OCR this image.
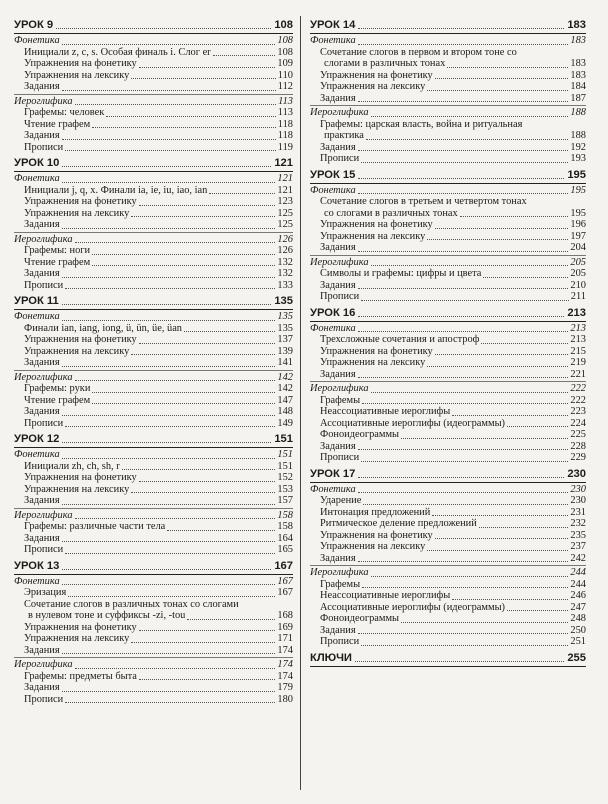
УРОК 9	108
Фонетика	108
Инициали z, c, s. Особая финаль i. Слог er	108
Упражнения на фонетику	109
Упражнения на лексику	110
Задания	112
Иероглифика	113
Графемы: человек	113
Чтение графем	118
Задания	118
Прописи	119
УРОК 10	121
Фонетика	121
Инициали j, q, x. Финали ia, ie, iu, iao, ian	121
Упражнения на фонетику	123
Упражнения на лексику	125
Задания	125
Иероглифика	126
Графемы: ноги	126
Чтение графем	132
Задания	132
Прописи	133
УРОК 11	135
Фонетика	135
Финали ian, iang, iong, ü, ün, üe, üan	135
Упражнения на фонетику	137
Упражнения на лексику	139
Задания	141
Иероглифика	142
Графемы: руки	142
Чтение графем	147
Задания	148
Прописи	149
УРОК 12	151
Фонетика	151
Инициали zh, ch, sh, r	151
Упражнения на фонетику	152
Упражнения на лексику	153
Задания	157
Иероглифика	158
Графемы: различные части тела	158
Задания	164
Прописи	165
УРОК 13	167
Фонетика	167
Эризация	167
Сочетание слогов в различных тонах со слогами
в нулевом тоне и суффиксы -zi, -tou	168
Упражнения на фонетику	169
Упражнения на лексику	171
Задания	174
Иероглифика	174
Графемы: предметы быта	174
Задания	179
Прописи	180
УРОК 14	183
Фонетика	183
Сочетание слогов в первом и втором тоне со
слогами в различных тонах	183
Упражнения на фонетику	183
Упражнения на лексику	184
Задания	187
Иероглифика	188
Графемы: царская власть, война и ритуальная
практика	188
Задания	192
Прописи	193
УРОК 15	195
Фонетика	195
Сочетание слогов в третьем и четвертом тонах
со слогами в различных тонах	195
Упражнения на фонетику	196
Упражнения на лексику	197
Задания	204
Иероглифика	205
Символы и графемы: цифры и цвета	205
Задания	210
Прописи	211
УРОК 16	213
Фонетика	213
Трехсложные сочетания и апостроф	213
Упражнения на фонетику	215
Упражнения на лексику	219
Задания	221
Иероглифика	222
Графемы	222
Неассоциативные иероглифы	223
Ассоциативные иероглифы (идеограммы)	224
Фоноидеограммы	225
Задания	228
Прописи	229
УРОК 17	230
Фонетика	230
Ударение	230
Интонация предложений	231
Ритмическое деление предложений	232
Упражнения на фонетику	235
Упражнения на лексику	237
Задания	242
Иероглифика	244
Графемы	244
Неассоциативные иероглифы	246
Ассоциативные иероглифы (идеограммы)	247
Фоноидеограммы	248
Задания	250
Прописи	251
КЛЮЧИ	255
